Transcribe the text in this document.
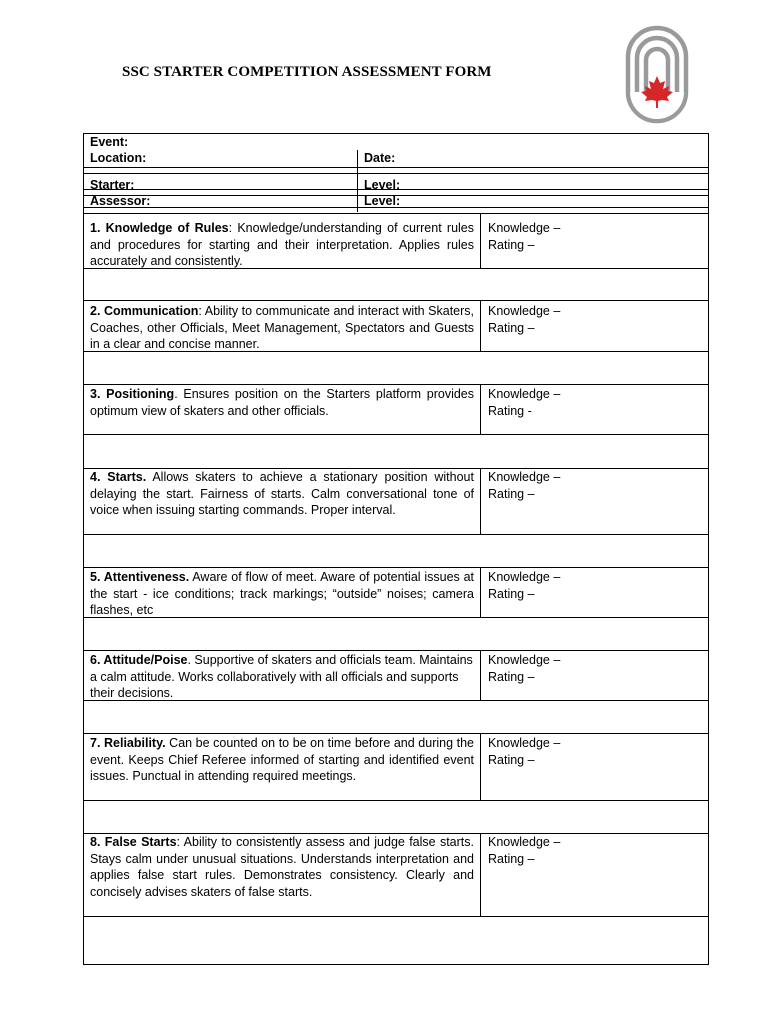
SSC STARTER COMPETITION ASSESSMENT FORM
Event:
Location:	Date:
Starter:	Level:
Assessor:	Level:
1. Knowledge of Rules: Knowledge/understanding of current rules and procedures for starting and their interpretation. Applies rules accurately and consistently.
Knowledge –
Rating –
2. Communication: Ability to communicate and interact with Skaters, Coaches, other Officials, Meet Management, Spectators and Guests in a clear and concise manner.
Knowledge –
Rating –
3. Positioning. Ensures position on the Starters platform provides optimum view of skaters and other officials.
Knowledge –
Rating -
4. Starts. Allows skaters to achieve a stationary position without delaying the start. Fairness of starts. Calm conversational tone of voice when issuing starting commands. Proper interval.
Knowledge –
Rating –
5. Attentiveness. Aware of flow of meet. Aware of potential issues at the start - ice conditions; track markings; “outside” noises; camera flashes, etc
Knowledge –
Rating –
6. Attitude/Poise. Supportive of skaters and officials team. Maintains a calm attitude. Works collaboratively with all officials and supports their decisions.
Knowledge –
Rating –
7. Reliability. Can be counted on to be on time before and during the event. Keeps Chief Referee informed of starting and identified event issues. Punctual in attending required meetings.
Knowledge –
Rating –
8. False Starts: Ability to consistently assess and judge false starts. Stays calm under unusual situations. Understands interpretation and applies false start rules. Demonstrates consistency. Clearly and concisely advises skaters of false starts.
Knowledge –
Rating –
